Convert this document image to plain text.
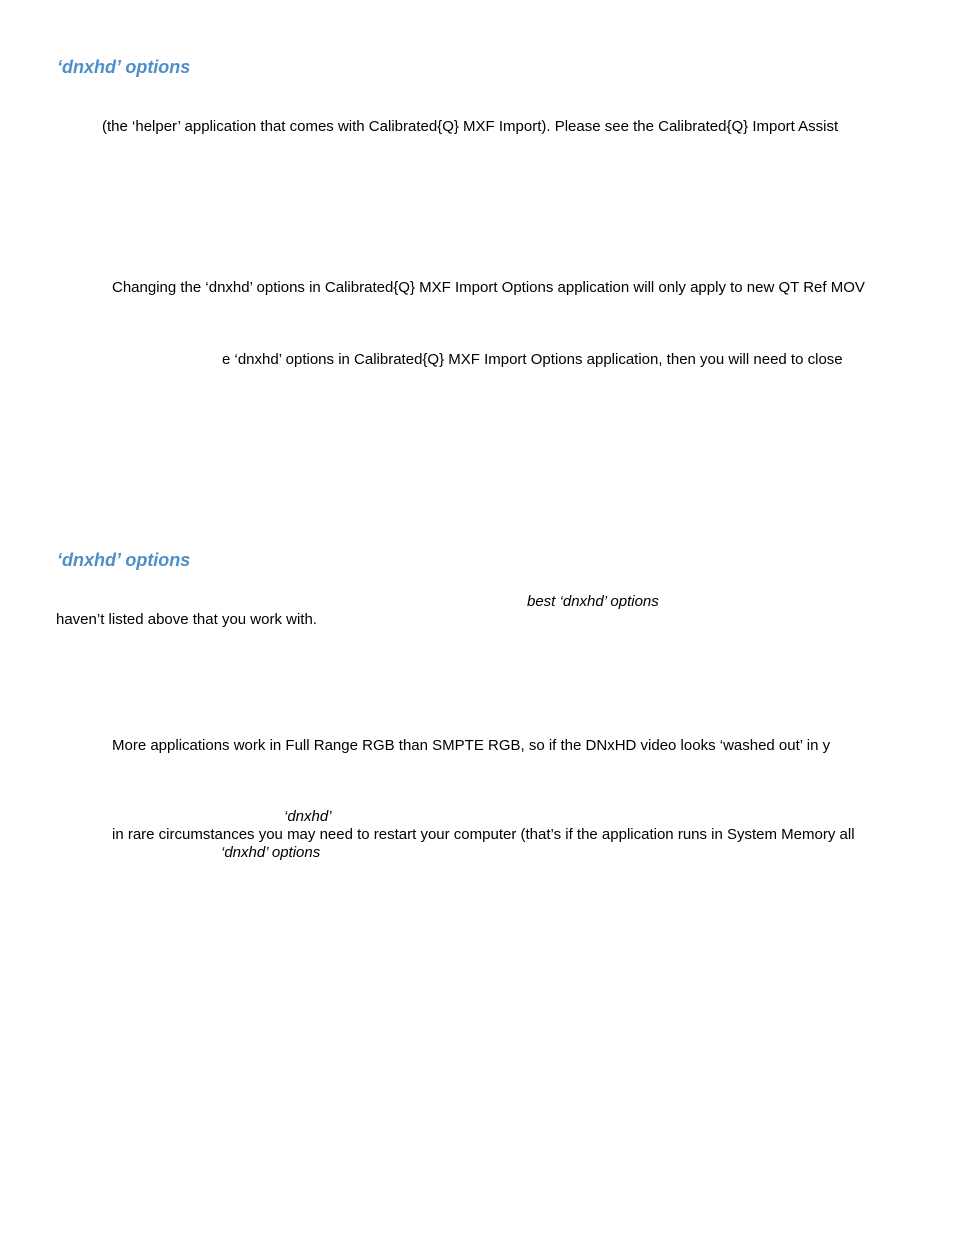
‘dnxhd’ options
(the ‘helper’ application that comes with Calibrated{Q} MXF Import). Please see the Calibrated{Q} Import Assist
Changing the ‘dnxhd’ options in Calibrated{Q} MXF Import Options application will only apply to new QT Ref MOV
e ‘dnxhd’ options in Calibrated{Q} MXF Import Options application, then you will need to close
‘dnxhd’ options
best ‘dnxhd’ options
haven’t listed above that you work with.
More applications work in Full Range RGB than SMPTE RGB, so if the DNxHD video looks ‘washed out’ in y
‘dnxhd’
in rare circumstances you may need to restart your computer (that’s if the application runs in System Memory all
‘dnxhd’ options
